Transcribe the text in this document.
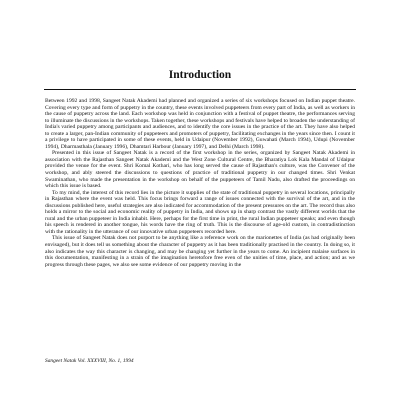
Introduction

Between 1992 and 1998, Sangeet Natak Akademi had planned and organized a series of six workshops focused on Indian puppet theatre. Covering every type and form of puppetry in the country, these events involved puppeteers from every part of India, as well as workers in the cause of puppetry across the land. Each workshop was held in conjunction with a festival of puppet theatre, the performances serving to illuminate the discussions in the workshops. Taken together, these workshops and festivals have helped to broaden the understanding of India's varied puppetry among participants and audiences, and to identify the core issues in the practice of the art. They have also helped to create a larger, pan-Indian community of puppeteers and promoters of puppetry, facilitating exchanges in the years since then. I count it a privilege to have participated in some of these events, held in Udaipur (November 1992), Guwahati (March 1994), Udupi (November 1994), Dharmasthala (January 1996), Dhamtari Harbour (January 1997), and Delhi (March 1998).

Presented in this issue of Sangeet Natak is a record of the first workshop in the series, organized by Sangeet Natak Akademi in association with the Rajasthan Sangeet Natak Akademi and the West Zone Cultural Centre, the Bharatiya Lok Kala Mandal of Udaipur provided the venue for the event. Shri Komal Kothari, who has long served the cause of Rajasthan's culture, was the Convener of the workshop, and ably steered the discussions to questions of practice of traditional puppetry in our changed times. Shri Venkat Swaminathan, who made the presentation in the workshop on behalf of the puppeteers of Tamil Nadu, also drafted the proceedings on which this issue is based.

To my mind, the interest of this record lies in the picture it supplies of the state of traditional puppetry in several locations, principally in Rajasthan where the event was held. This focus brings forward a range of issues connected with the survival of the art, and in the discussions published here, useful strategies are also indicated for accommodation of the present pressures on the art. The record thus also holds a mirror to the social and economic reality of puppetry in India, and shows up in sharp contrast the vastly different worlds that the rural and the urban puppeteer in India inhabit. Here, perhaps for the first time in print, the rural Indian puppeteer speaks; and even though his speech is rendered in another tongue, his words have the ring of truth. This is the discourse of age-old custom, in contradistinction with the rationality in the utterance of our innovative urban puppeteers recorded here.

This issue of Sangeet Natak does not purport to be anything like a reference work on the marionettes of India (as had originally been envisaged), but it does tell us something about the character of puppetry as it has been traditionally practised in the country. In doing so, it also indicates the way this character is changing, and may be changing yet further in the years to come. An incipient malaise surfaces in this documentation, manifesting in a strain of the imagination heretofore free even of the unities of time, place, and action; and as we progress through these pages, we also see some evidence of our puppetry moving in the

Sangeet Natak Vol. XXXVIII, No. 1, 1994
